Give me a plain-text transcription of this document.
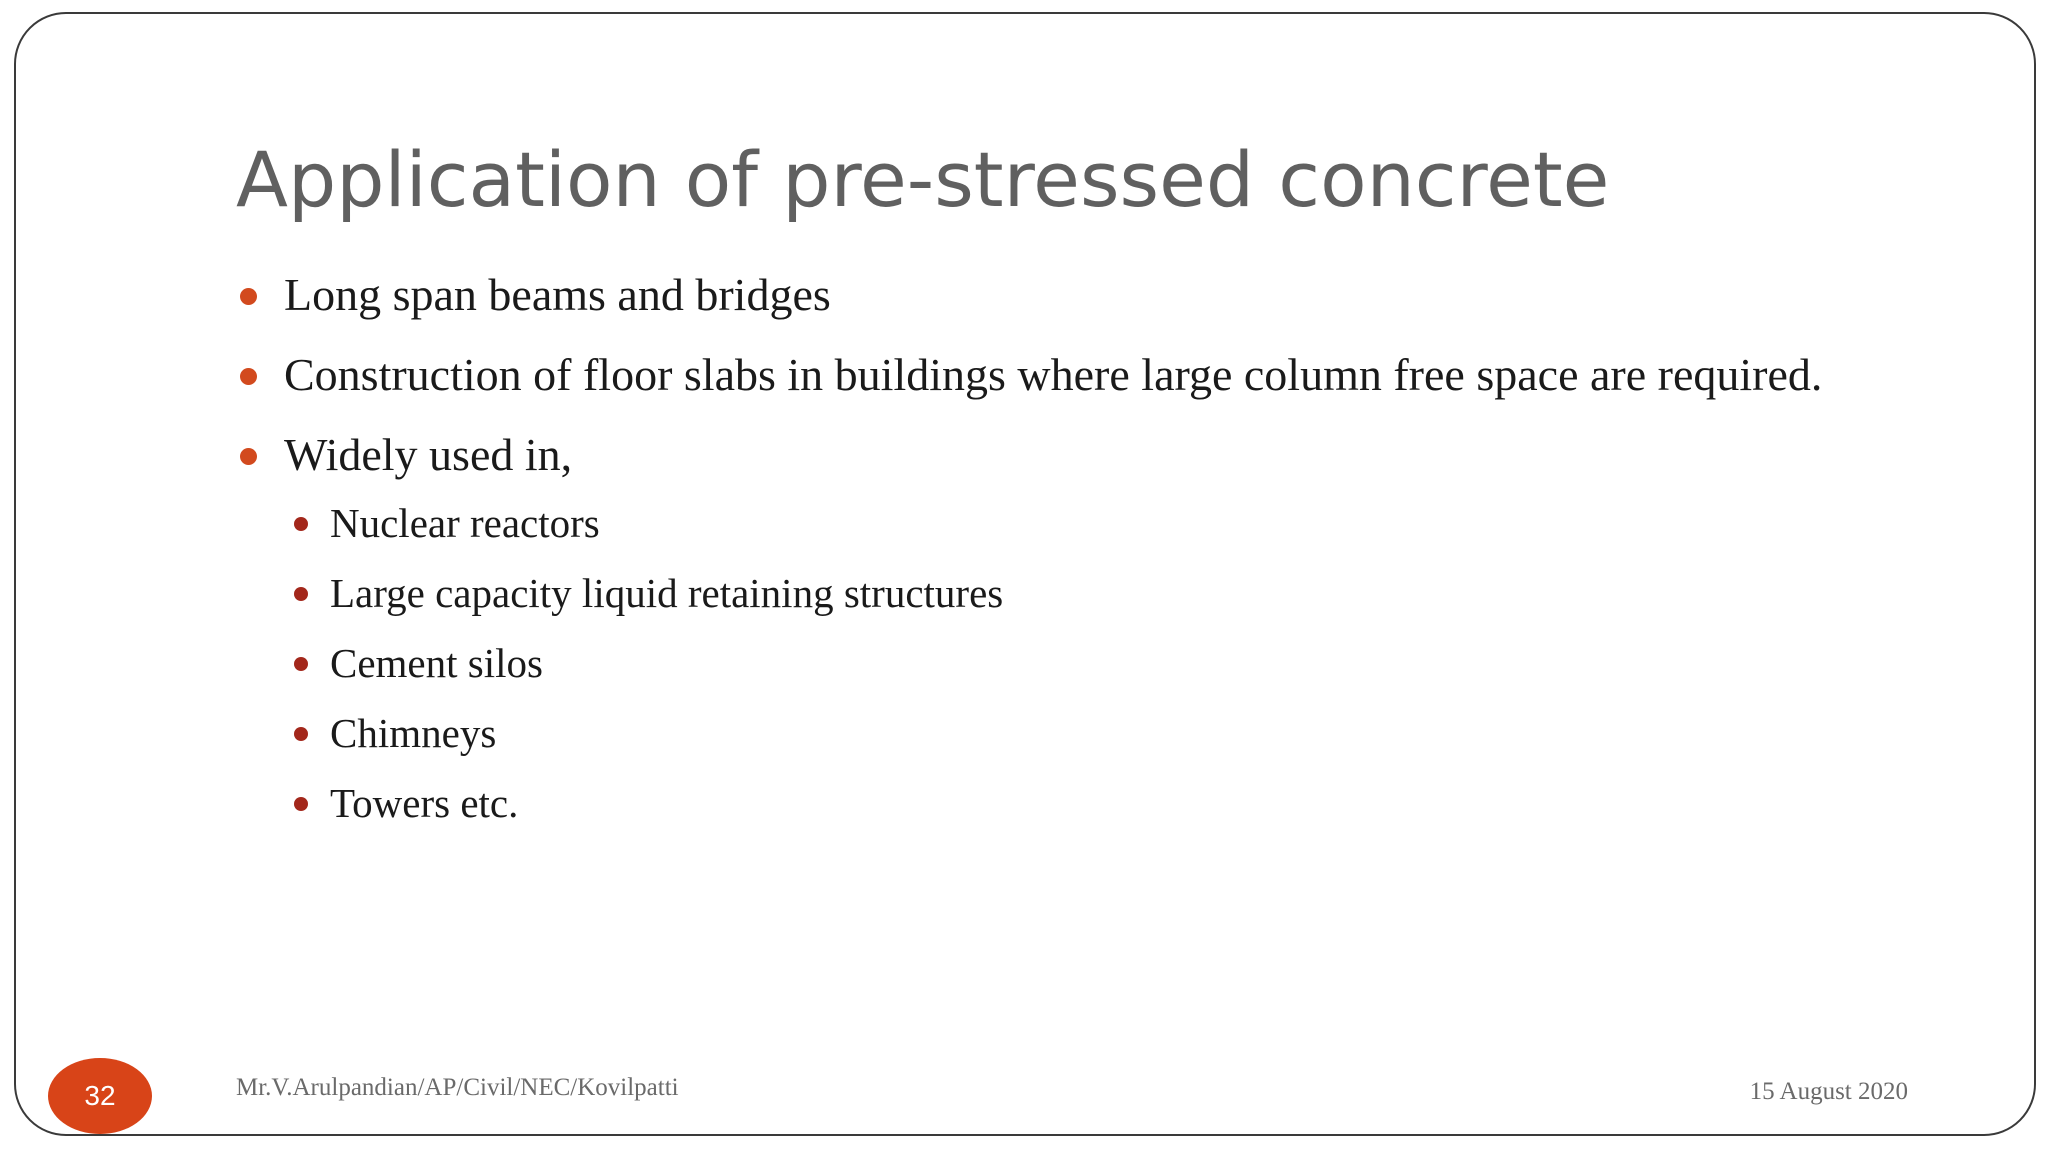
Application of pre-stressed concrete
Long span beams and bridges
Construction of floor slabs in buildings where large column free space are required.
Widely used in,
Nuclear reactors
Large capacity liquid retaining structures
Cement silos
Chimneys
Towers etc.
32	Mr.V.Arulpandian/AP/Civil/NEC/Kovilpatti	15 August 2020
